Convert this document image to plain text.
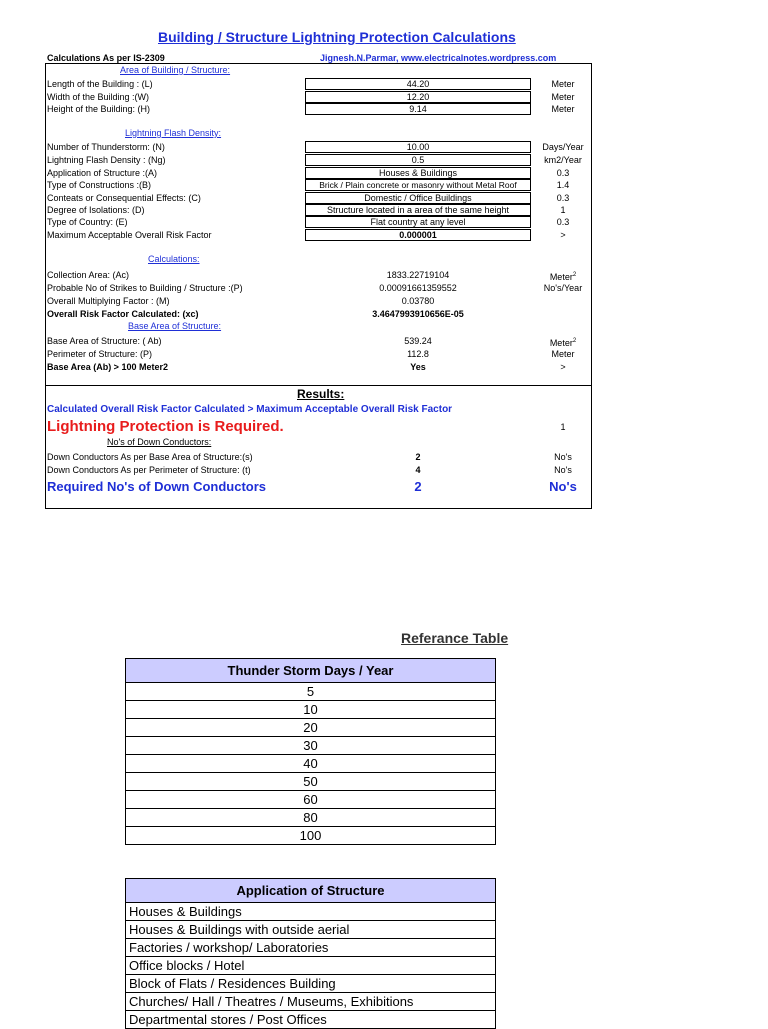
Building / Structure Lightning Protection Calculations
Calculations As per IS-2309	Jignesh.N.Parmar, www.electricalnotes.wordpress.com
Area of Building / Structure:
Length of the Building : (L)	44.20	Meter
Width of the Building :(W)	12.20	Meter
Height of the Building: (H)	9.14	Meter
Lightning Flash Density:
Number of Thunderstorm: (N)	10.00	Days/Year
Lightning Flash Density : (Ng)	0.5	km2/Year
Application of Structure :(A)	Houses & Buildings	0.3
Type of Constructions :(B)	Brick / Plain concrete or masonry without Metal Roof	1.4
Conteats or Consequential Effects: (C)	Domestic / Office Buildings	0.3
Degree of Isolations: (D)	Structure located in a area of the same height	1
Type of Country: (E)	Flat country at any level	0.3
Maximum Acceptable Overall Risk Factor	0.000001	>
Calculations:
Collection Area: (Ac)	1833.22719104	Meter$^2$
Probable No of Strikes to Building / Structure :(P)	0.00091661359552	No's/Year
Overall Multiplying Factor : (M)	0.03780
Overall Risk Factor Calculated: (xc)	3.4647993910656E-05
Base Area of Structure:
Base Area of Structure: ( Ab)	539.24	Meter$^2$
Perimeter of Structure: (P)	112.8	Meter
Base Area (Ab) > 100 Meter2	Yes	>
Results:
Calculated Overall Risk Factor Calculated > Maximum Acceptable Overall Risk Factor
Lightning Protection is Required.	1
No's of Down Conductors:
Down Conductors As per Base Area of Structure:(s)	2	No's
Down Conductors As per Perimeter of Structure: (t)	4	No's
Required No's of Down Conductors	2	No's
Referance Table
Thunder Storm Days / Year
5
10
20
30
40
50
60
80
100
Application of Structure
Houses & Buildings
Houses & Buildings with outside aerial
Factories / workshop/ Laboratories
Office blocks / Hotel
Block of Flats / Residences Building
Churches/ Hall / Theatres / Museums, Exhibitions
Departmental stores / Post Offices
